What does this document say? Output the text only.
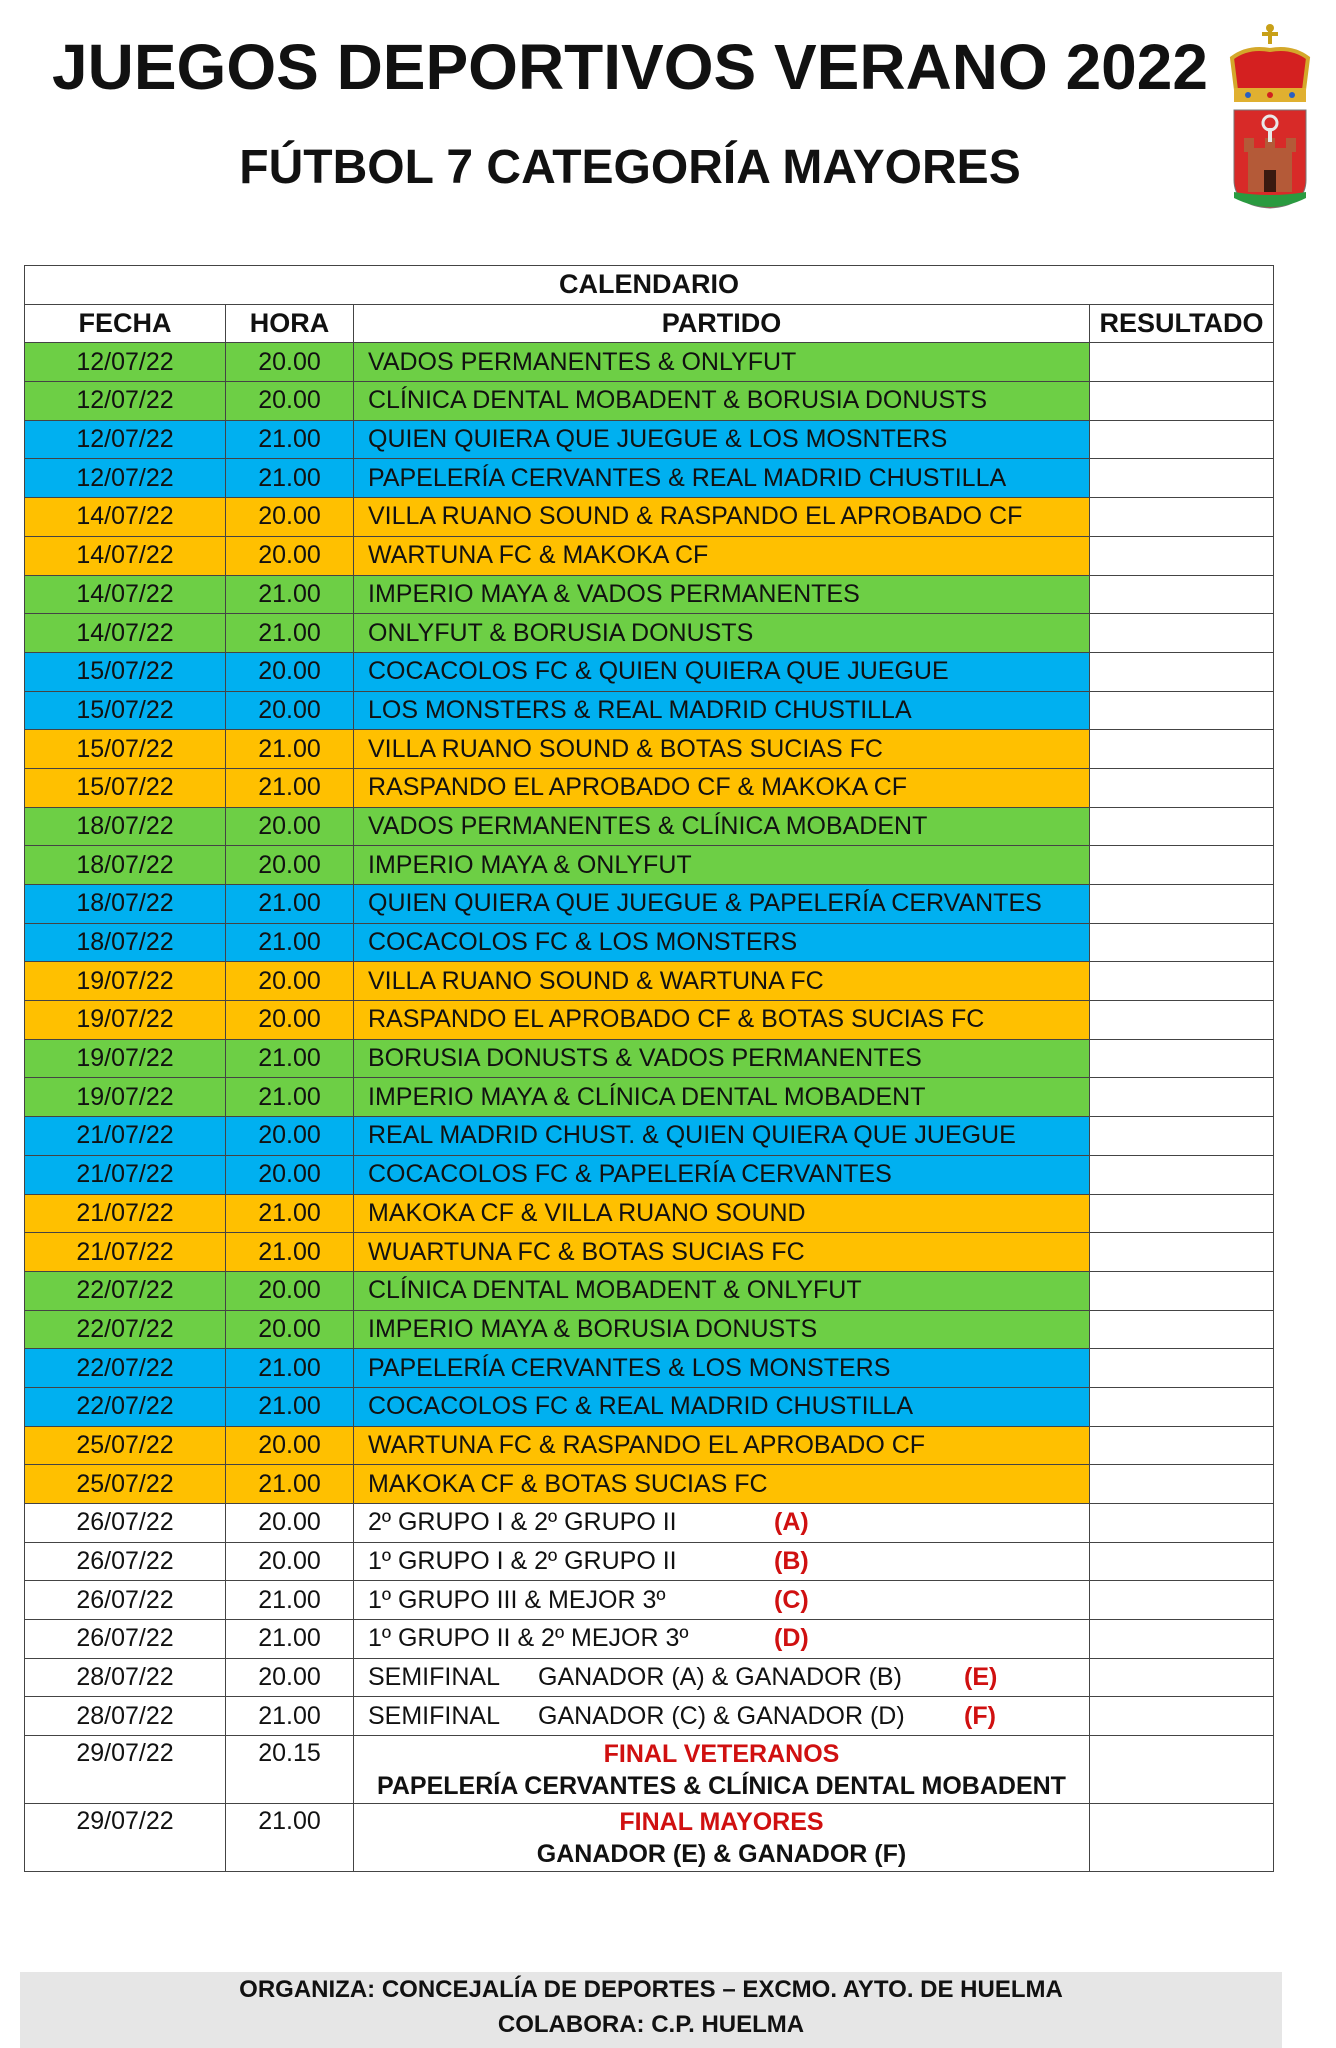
JUEGOS DEPORTIVOS VERANO 2022
FÚTBOL 7 CATEGORÍA MAYORES
CALENDARIO			
FECHA	HORA	PARTIDO	RESULTADO
12/07/22	20.00	VADOS PERMANENTES & ONLYFUT	
12/07/22	20.00	CLÍNICA DENTAL MOBADENT & BORUSIA DONUSTS	
12/07/22	21.00	QUIEN QUIERA QUE JUEGUE & LOS MOSNTERS	
12/07/22	21.00	PAPELERÍA CERVANTES & REAL MADRID CHUSTILLA	
14/07/22	20.00	VILLA RUANO SOUND & RASPANDO EL APROBADO CF	
14/07/22	20.00	WARTUNA FC & MAKOKA CF	
14/07/22	21.00	IMPERIO MAYA & VADOS PERMANENTES	
14/07/22	21.00	ONLYFUT & BORUSIA DONUSTS	
15/07/22	20.00	COCACOLOS FC & QUIEN QUIERA QUE JUEGUE	
15/07/22	20.00	LOS MONSTERS & REAL MADRID CHUSTILLA	
15/07/22	21.00	VILLA RUANO SOUND & BOTAS SUCIAS FC	
15/07/22	21.00	RASPANDO EL APROBADO CF & MAKOKA CF	
18/07/22	20.00	VADOS PERMANENTES & CLÍNICA MOBADENT	
18/07/22	20.00	IMPERIO MAYA & ONLYFUT	
18/07/22	21.00	QUIEN QUIERA QUE JUEGUE & PAPELERÍA CERVANTES	
18/07/22	21.00	COCACOLOS FC & LOS MONSTERS	
19/07/22	20.00	VILLA RUANO SOUND & WARTUNA FC	
19/07/22	20.00	RASPANDO EL APROBADO CF & BOTAS SUCIAS FC	
19/07/22	21.00	BORUSIA DONUSTS & VADOS PERMANENTES	
19/07/22	21.00	IMPERIO MAYA & CLÍNICA DENTAL MOBADENT	
21/07/22	20.00	REAL MADRID CHUST. & QUIEN QUIERA QUE JUEGUE	
21/07/22	20.00	COCACOLOS FC & PAPELERÍA CERVANTES	
21/07/22	21.00	MAKOKA CF & VILLA RUANO SOUND	
21/07/22	21.00	WUARTUNA FC & BOTAS SUCIAS FC	
22/07/22	20.00	CLÍNICA DENTAL MOBADENT & ONLYFUT	
22/07/22	20.00	IMPERIO MAYA & BORUSIA DONUSTS	
22/07/22	21.00	PAPELERÍA CERVANTES & LOS MONSTERS	
22/07/22	21.00	COCACOLOS FC & REAL MADRID CHUSTILLA	
25/07/22	20.00	WARTUNA FC & RASPANDO EL APROBADO CF	
25/07/22	21.00	MAKOKA CF & BOTAS SUCIAS FC	
26/07/22	20.00	2º GRUPO I & 2º GRUPO II (A)	
26/07/22	20.00	1º GRUPO I & 2º GRUPO II (B)	
26/07/22	21.00	1º GRUPO III & MEJOR 3º (C)	
26/07/22	21.00	1º GRUPO II & 2º MEJOR 3º (D)	
28/07/22	20.00	SEMIFINAL GANADOR (A) & GANADOR (B) (E)	
28/07/22	21.00	SEMIFINAL GANADOR (C) & GANADOR (D) (F)	
29/07/22	20.15	FINAL VETERANOS
PAPELERÍA CERVANTES & CLÍNICA DENTAL MOBADENT	

29/07/22	21.00	FINAL MAYORES
GANADOR (E) & GANADOR (F)	

ORGANIZA: CONCEJALÍA DE DEPORTES – EXCMO. AYTO. DE HUELMA
COLABORA: C.P. HUELMA
